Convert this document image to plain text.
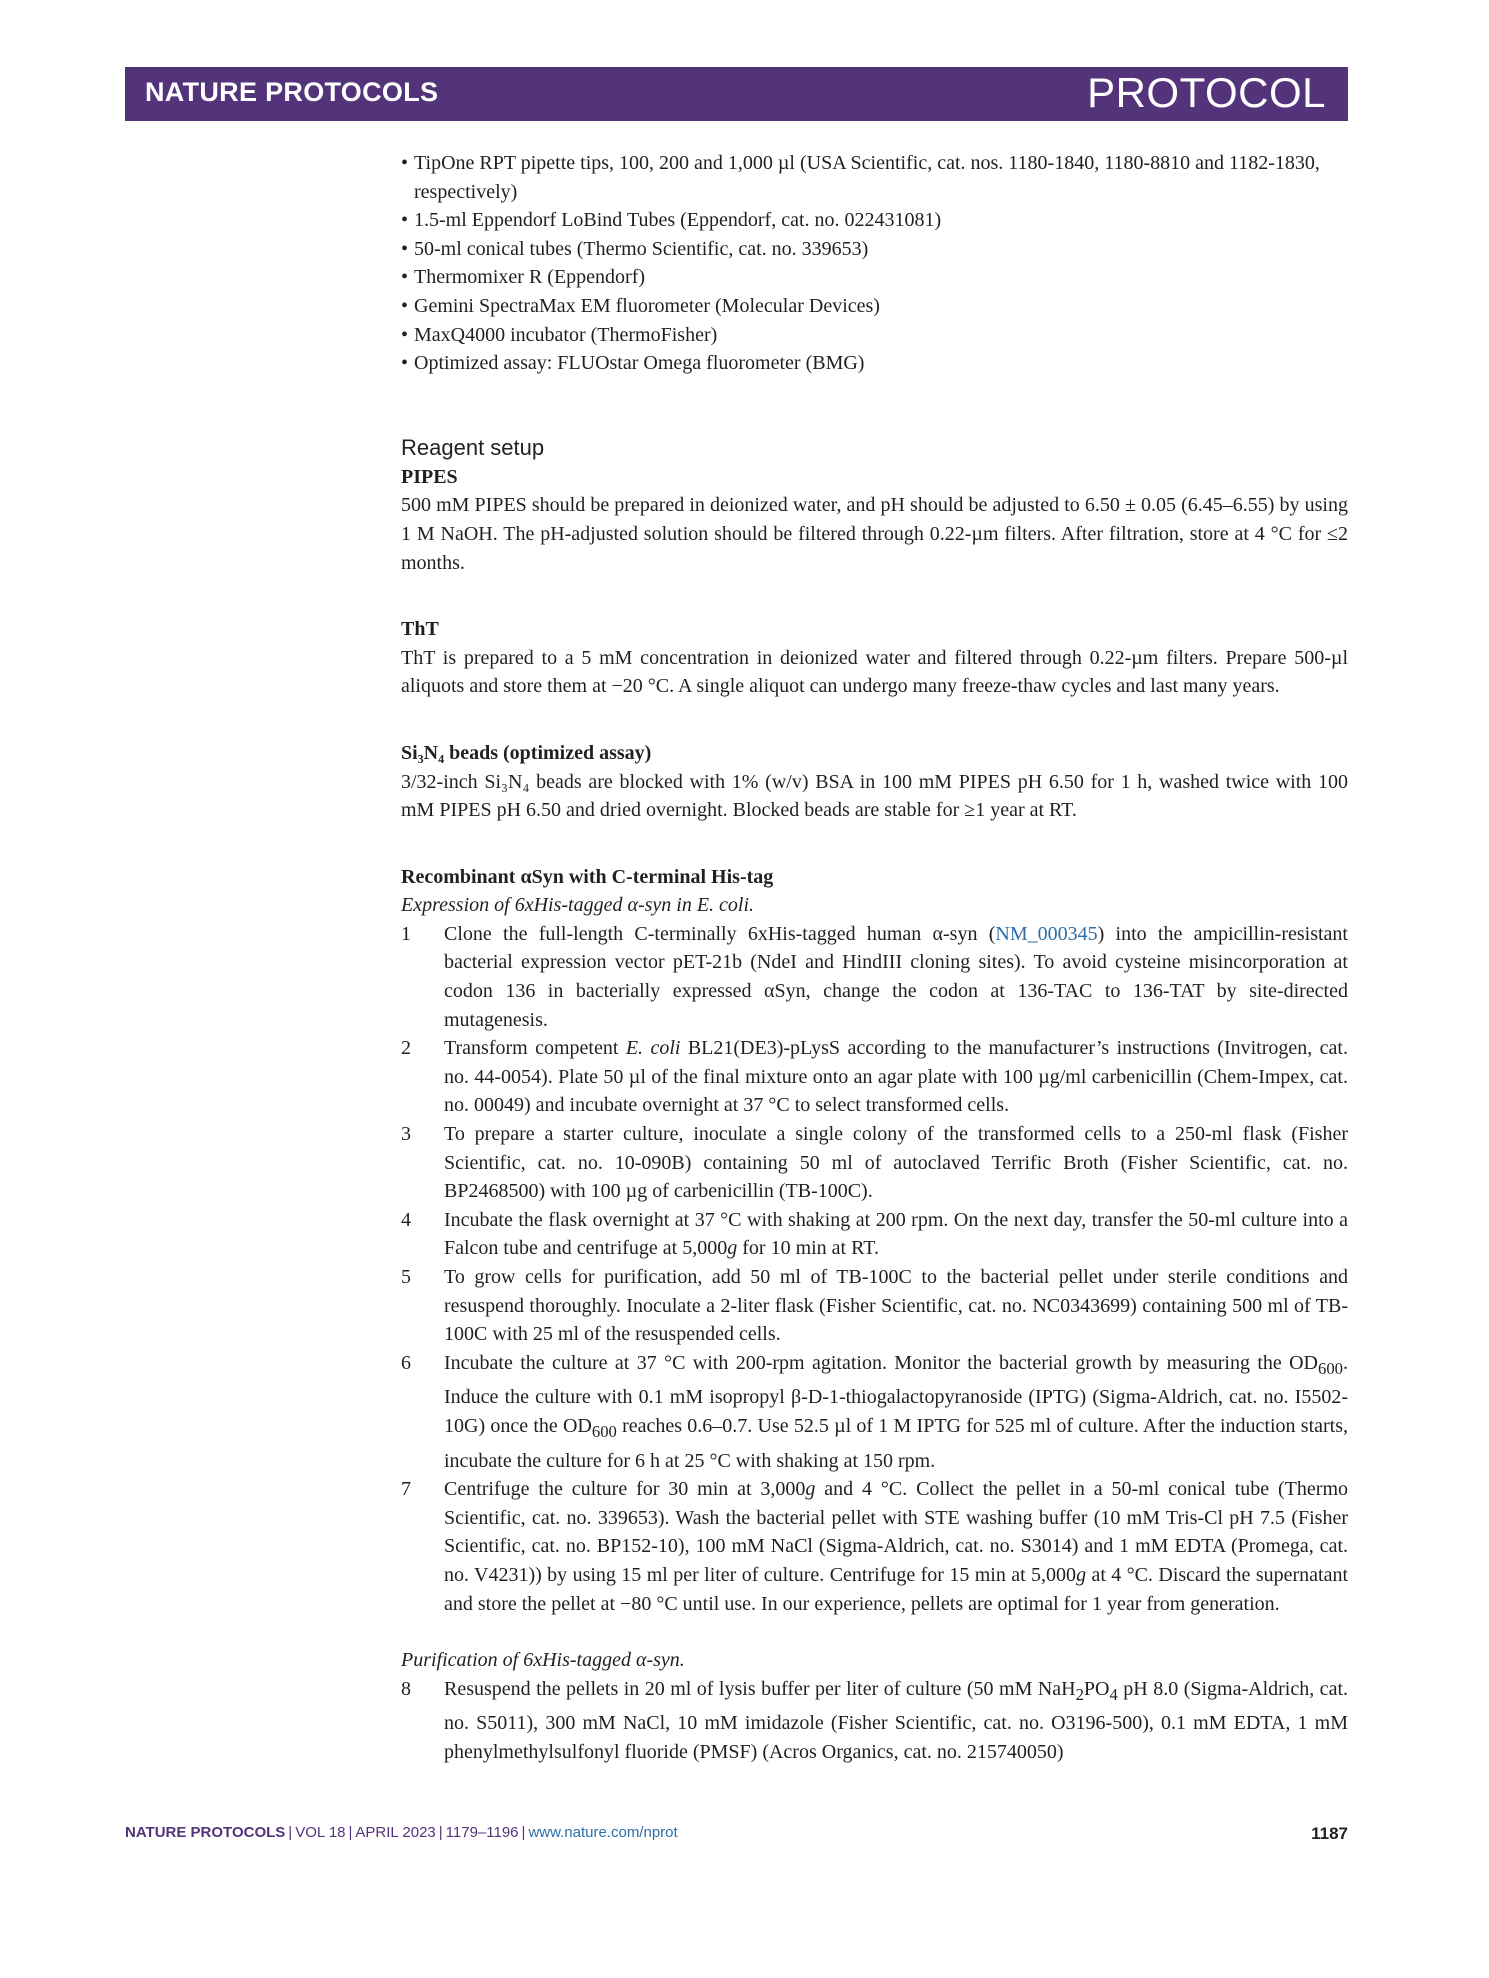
NATURE PROTOCOLS	PROTOCOL
• TipOne RPT pipette tips, 100, 200 and 1,000 µl (USA Scientific, cat. nos. 1180-1840, 1180-8810 and 1182-1830, respectively)
• 1.5-ml Eppendorf LoBind Tubes (Eppendorf, cat. no. 022431081)
• 50-ml conical tubes (Thermo Scientific, cat. no. 339653)
• Thermomixer R (Eppendorf)
• Gemini SpectraMax EM fluorometer (Molecular Devices)
• MaxQ4000 incubator (ThermoFisher)
• Optimized assay: FLUOstar Omega fluorometer (BMG)
Reagent setup
PIPES

500 mM PIPES should be prepared in deionized water, and pH should be adjusted to 6.50 ± 0.05 (6.45–6.55) by using 1 M NaOH. The pH-adjusted solution should be filtered through 0.22-µm filters. After filtration, store at 4 °C for ≤2 months.

ThT

ThT is prepared to a 5 mM concentration in deionized water and filtered through 0.22-µm filters. Prepare 500-µl aliquots and store them at −20 °C. A single aliquot can undergo many freeze-thaw cycles and last many years.

Si₃N₄ beads (optimized assay)

3/32-inch Si₃N₄ beads are blocked with 1% (w/v) BSA in 100 mM PIPES pH 6.50 for 1 h, washed twice with 100 mM PIPES pH 6.50 and dried overnight. Blocked beads are stable for ≥1 year at RT.

Recombinant αSyn with C-terminal His-tag

Expression of 6xHis-tagged α-syn in E. coli.

1 Clone the full-length C-terminally 6xHis-tagged human α-syn (NM_000345) into the ampicillin-resistant bacterial expression vector pET-21b (NdeI and HindIII cloning sites). To avoid cysteine misincorporation at codon 136 in bacterially expressed αSyn, change the codon at 136-TAC to 136-TAT by site-directed mutagenesis.
2 Transform competent E. coli BL21(DE3)-pLysS according to the manufacturer’s instructions (Invitrogen, cat. no. 44-0054). Plate 50 µl of the final mixture onto an agar plate with 100 µg/ml carbenicillin (Chem-Impex, cat. no. 00049) and incubate overnight at 37 °C to select transformed cells.
3 To prepare a starter culture, inoculate a single colony of the transformed cells to a 250-ml flask (Fisher Scientific, cat. no. 10-090B) containing 50 ml of autoclaved Terrific Broth (Fisher Scientific, cat. no. BP2468500) with 100 µg of carbenicillin (TB-100C).
4 Incubate the flask overnight at 37 °C with shaking at 200 rpm. On the next day, transfer the 50-ml culture into a Falcon tube and centrifuge at 5,000g for 10 min at RT.
5 To grow cells for purification, add 50 ml of TB-100C to the bacterial pellet under sterile conditions and resuspend thoroughly. Inoculate a 2-liter flask (Fisher Scientific, cat. no. NC0343699) containing 500 ml of TB-100C with 25 ml of the resuspended cells.
6 Incubate the culture at 37 °C with 200-rpm agitation. Monitor the bacterial growth by measuring the $OD_{600}$. Induce the culture with 0.1 mM isopropyl β-D-1-thiogalactopyranoside (IPTG) (Sigma-Aldrich, cat. no. I5502-10G) once the $OD_{600}$ reaches 0.6–0.7. Use 52.5 µl of 1 M IPTG for 525 ml of culture. After the induction starts, incubate the culture for 6 h at 25 °C with shaking at 150 rpm.
7 Centrifuge the culture for 30 min at 3,000g and 4 °C. Collect the pellet in a 50-ml conical tube (Thermo Scientific, cat. no. 339653). Wash the bacterial pellet with STE washing buffer (10 mM Tris-Cl pH 7.5 (Fisher Scientific, cat. no. BP152-10), 100 mM NaCl (Sigma-Aldrich, cat. no. S3014) and 1 mM EDTA (Promega, cat. no. V4231)) by using 15 ml per liter of culture. Centrifuge for 15 min at 5,000g at 4 °C. Discard the supernatant and store the pellet at −80 °C until use. In our experience, pellets are optimal for 1 year from generation.

Purification of 6xHis-tagged α-syn.

8 Resuspend the pellets in 20 ml of lysis buffer per liter of culture (50 mM $NaH_2PO_4$ pH 8.0 (Sigma-Aldrich, cat. no. S5011), 300 mM NaCl, 10 mM imidazole (Fisher Scientific, cat. no. O3196-500), 0.1 mM EDTA, 1 mM phenylmethylsulfonyl fluoride (PMSF) (Acros Organics, cat. no. 215740050)
NATURE PROTOCOLS | VOL 18 | APRIL 2023 | 1179–1196 | www.nature.com/nprot	1187
